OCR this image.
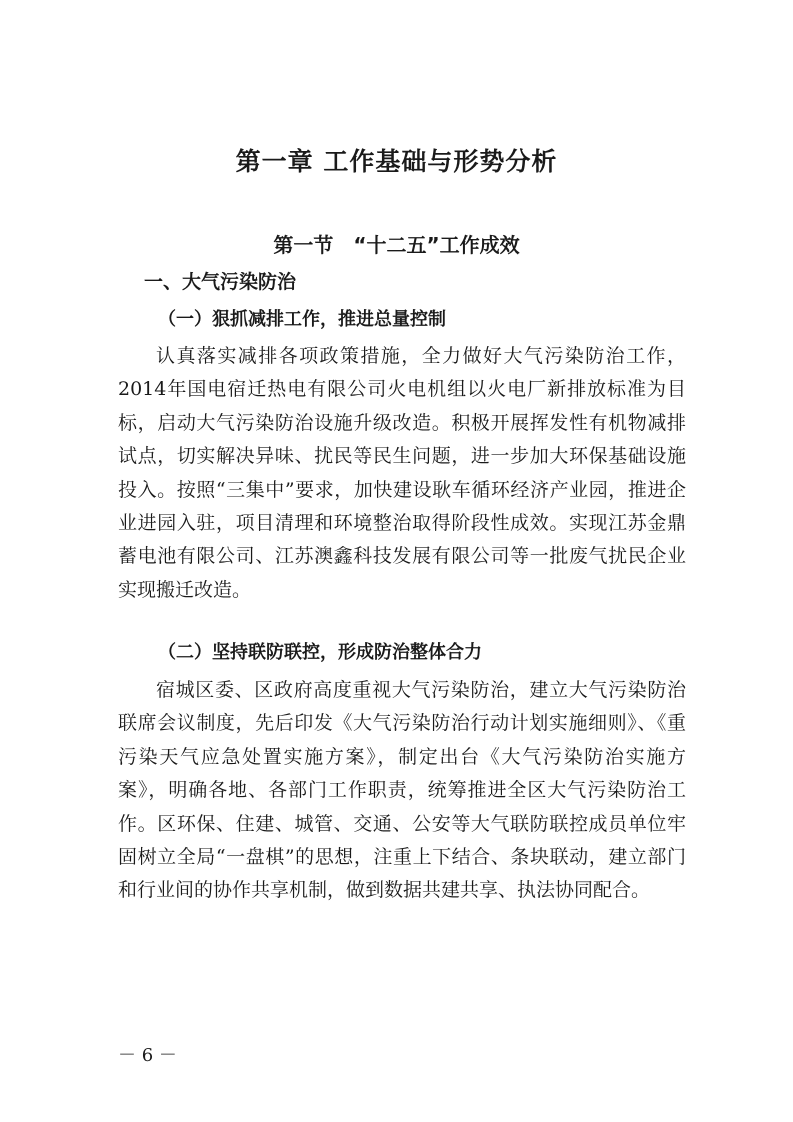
第一章 工作基础与形势分析
第一节　“十二五”工作成效
一、大气污染防治
（一）狠抓减排工作，推进总量控制

认真落实减排各项政策措施，全力做好大气污染防治工作，2014年国电宿迁热电有限公司火电机组以火电厂新排放标准为目标，启动大气污染防治设施升级改造。积极开展挥发性有机物减排试点，切实解决异味、扰民等民生问题，进一步加大环保基础设施投入。按照“三集中”要求，加快建设耿车循环经济产业园，推进企业进园入驻，项目清理和环境整治取得阶段性成效。实现江苏金鼎蓄电池有限公司、江苏澳鑫科技发展有限公司等一批废气扰民企业实现搬迁改造。

（二）坚持联防联控，形成防治整体合力

宿城区委、区政府高度重视大气污染防治，建立大气污染防治联席会议制度，先后印发《大气污染防治行动计划实施细则》、《重污染天气应急处置实施方案》，制定出台《大气污染防治实施方案》，明确各地、各部门工作职责，统筹推进全区大气污染防治工作。区环保、住建、城管、交通、公安等大气联防联控成员单位牢固树立全局“一盘棋”的思想，注重上下结合、条块联动，建立部门和行业间的协作共享机制，做到数据共建共享、执法协同配合。

－ 6 －
